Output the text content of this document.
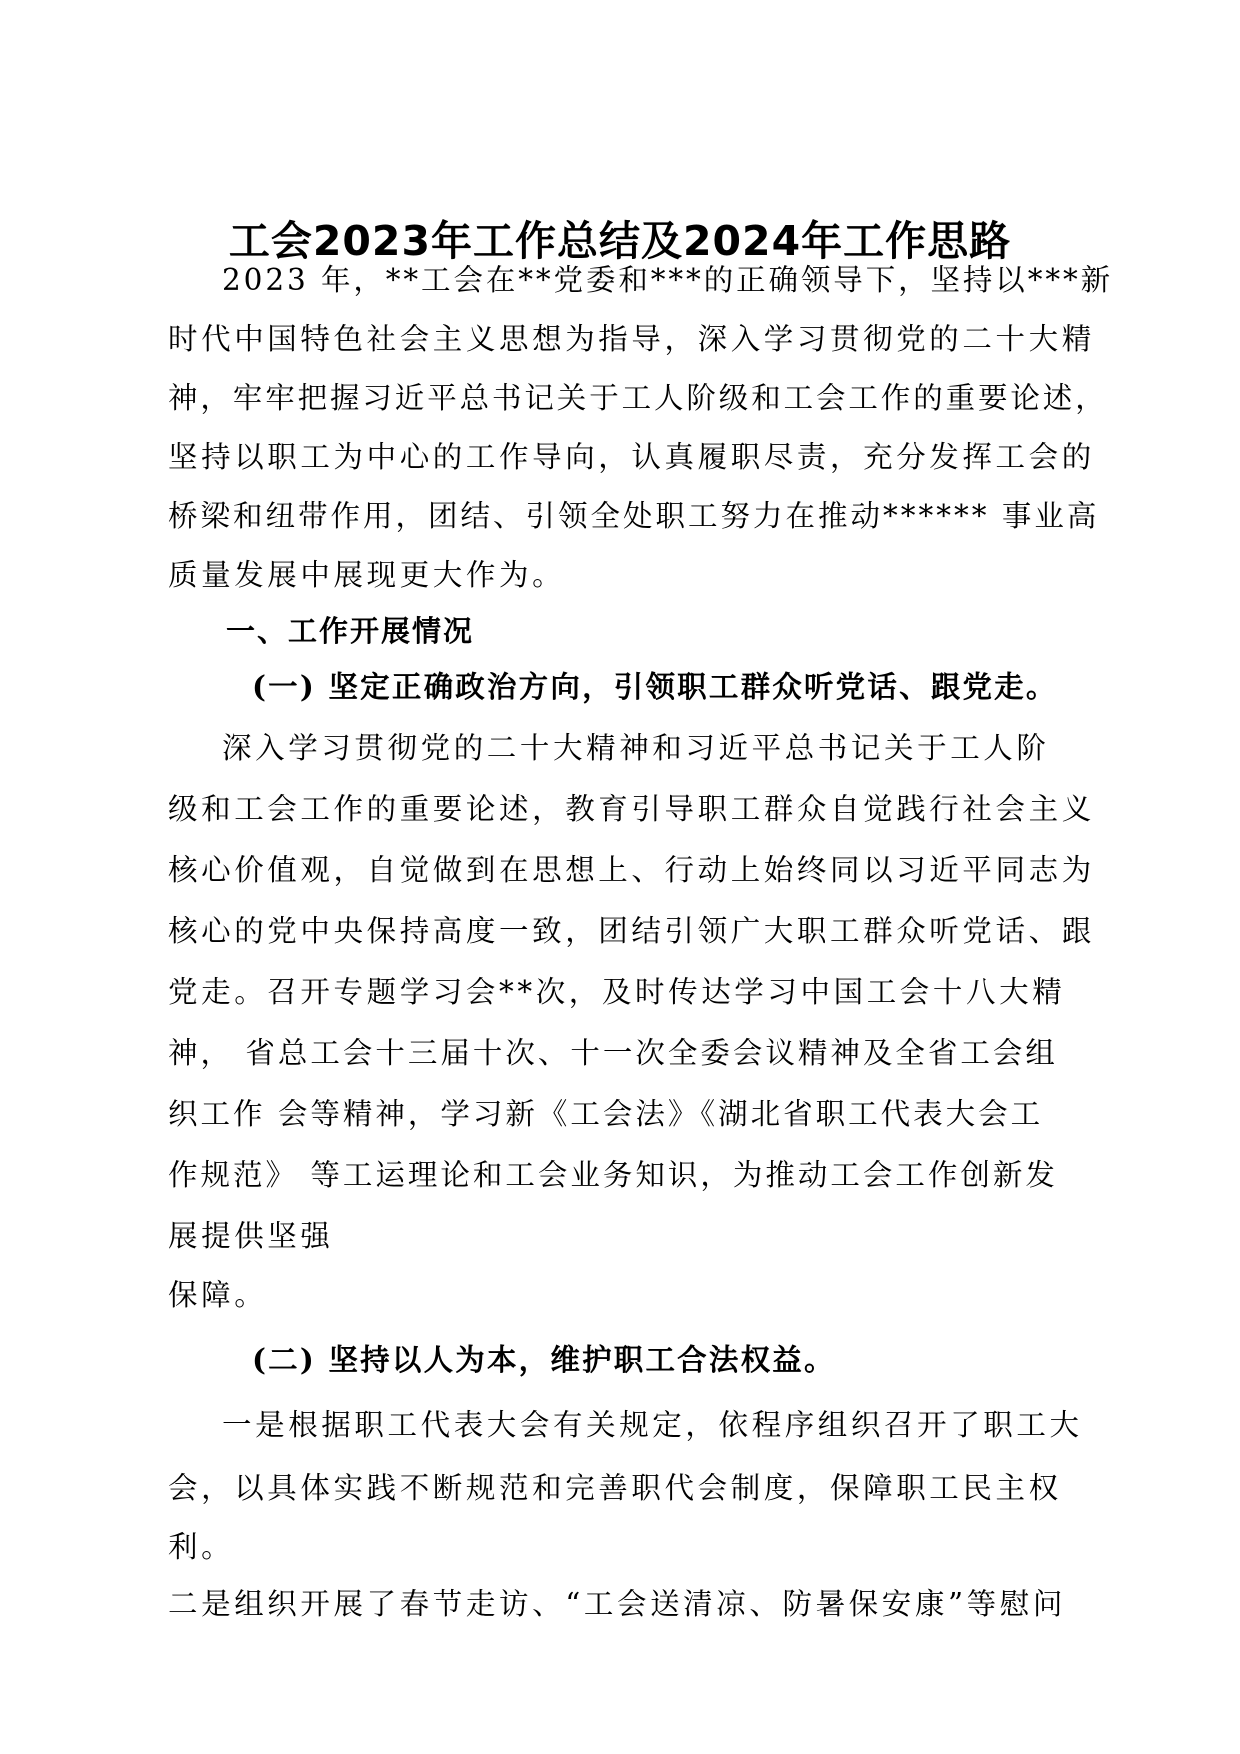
工会2023年工作总结及2024年工作思路
2023 年，**工会在**党委和***的正确领导下，坚持以***新
时代中国特色社会主义思想为指导，深入学习贯彻党的二十大精
神，牢牢把握习近平总书记关于工人阶级和工会工作的重要论述，
坚持以职工为中心的工作导向，认真履职尽责，充分发挥工会的
桥梁和纽带作用，团结、引领全处职工努力在推动****** 事业高
质量发展中展现更大作为。
一、工作开展情况
(一) 坚定正确政治方向，引领职工群众听党话、跟党走。
深入学习贯彻党的二十大精神和习近平总书记关于工人阶
级和工会工作的重要论述，教育引导职工群众自觉践行社会主义
核心价值观，自觉做到在思想上、行动上始终同以习近平同志为
核心的党中央保持高度一致，团结引领广大职工群众听党话、跟
党走。召开专题学习会**次，及时传达学习中国工会十八大精
神， 省总工会十三届十次、十一次全委会议精神及全省工会组
织工作 会等精神，学习新《工会法》《湖北省职工代表大会工
作规范》 等工运理论和工会业务知识，为推动工会工作创新发
展提供坚强
保障。
(二) 坚持以人为本，维护职工合法权益。
一是根据职工代表大会有关规定，依程序组织召开了职工大
会，以具体实践不断规范和完善职代会制度，保障职工民主权
利。
二是组织开展了春节走访、“工会送清凉、防暑保安康”等慰问
